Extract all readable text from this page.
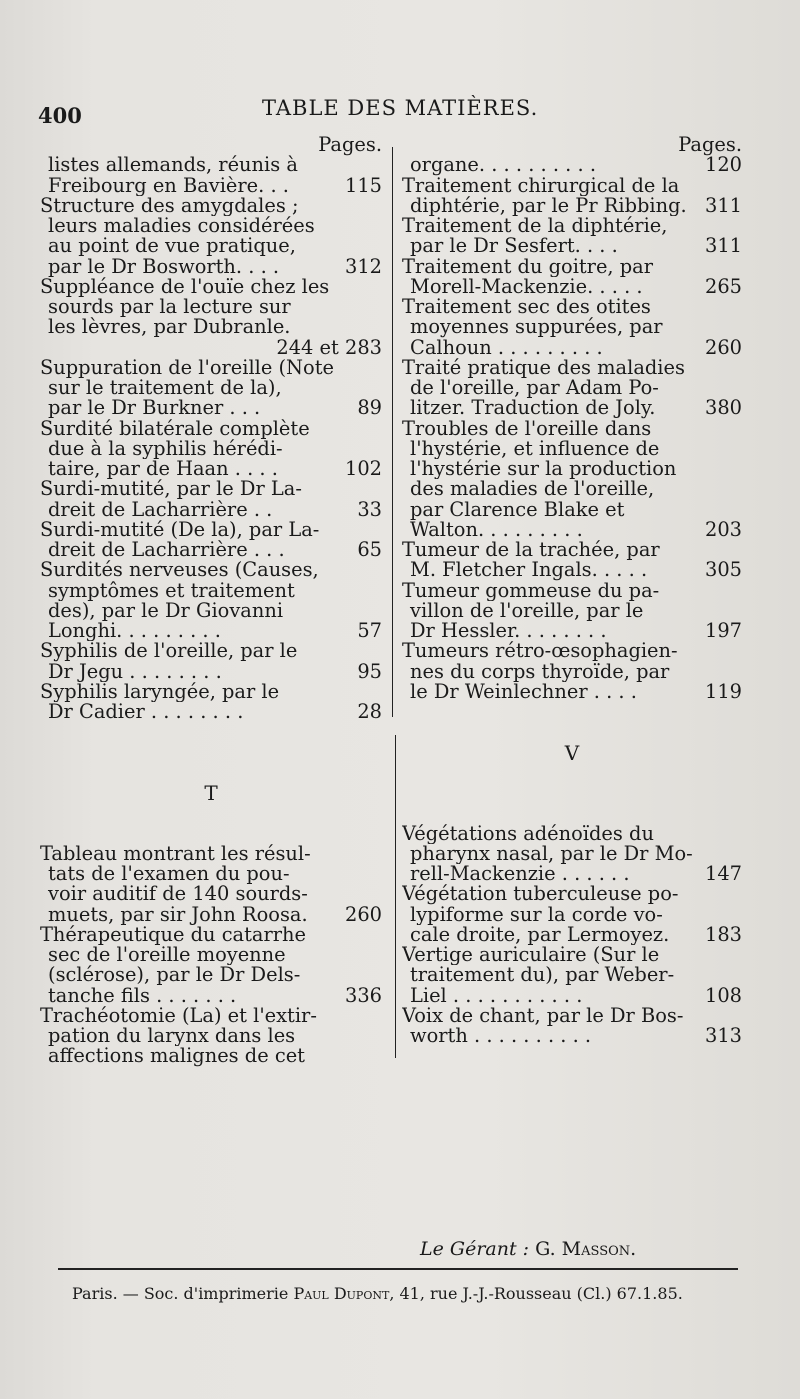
400	TABLE DES MATIÈRES.
Pages.
listes allemands, réunis à
115
Freibourg en Bavière. . .
Structure des amygdales ;
leurs maladies considérées
au point de vue pratique,
312
par le Dr Bosworth. . . .
Suppléance de l'ouïe chez les
sourds par la lecture sur
les lèvres, par Dubranle.
244 et 283
Suppuration de l'oreille (Note
sur le traitement de la),
89
par le Dr Burkner . . .
Surdité bilatérale complète
due à la syphilis hérédi-
102
taire, par de Haan . . . .
Surdi-mutité, par le Dr La-
33
dreit de Lacharrière . .
Surdi-mutité (De la), par La-
65
dreit de Lacharrière . . .
Surdités nerveuses (Causes,
symptômes et traitement
des), par le Dr Giovanni
57
Longhi. . . . . . . . .
Syphilis de l'oreille, par le
95
Dr Jegu . . . . . . . .
Syphilis laryngée, par le
28
Dr Cadier . . . . . . . .
T
Tableau montrant les résul-
tats de l'examen du pou-
voir auditif de 140 sourds-
260
muets, par sir John Roosa.
Thérapeutique du catarrhe
sec de l'oreille moyenne
(sclérose), par le Dr Dels-
336
tanche fils . . . . . . .
Trachéotomie (La) et l'extir-
pation du larynx dans les
affections malignes de cet
Pages.
120
organe. . . . . . . . . .
Traitement chirurgical de la
311
diphtérie, par le Pr Ribbing.
Traitement de la diphtérie,
311
par le Dr Sesfert. . . .
Traitement du goitre, par
265
Morell-Mackenzie. . . . .
Traitement sec des otites
moyennes suppurées, par
260
Calhoun . . . . . . . . .
Traité pratique des maladies
de l'oreille, par Adam Po-
380
litzer. Traduction de Joly.
Troubles de l'oreille dans
l'hystérie, et influence de
l'hystérie sur la production
des maladies de l'oreille,
par Clarence Blake et
203
Walton. . . . . . . . .
Tumeur de la trachée, par
305
M. Fletcher Ingals. . . . .
Tumeur gommeuse du pa-
villon de l'oreille, par le
197
Dr Hessler. . . . . . . .
Tumeurs rétro-œsophagien-
nes du corps thyroïde, par
119
le Dr Weinlechner . . . .
V
Végétations adénoïdes du
pharynx nasal, par le Dr Mo-
147
rell-Mackenzie . . . . . .
Végétation tuberculeuse po-
lypiforme sur la corde vo-
183
cale droite, par Lermoyez.
Vertige auriculaire (Sur le
traitement du), par Weber-
108
Liel . . . . . . . . . . .
Voix de chant, par le Dr Bos-
313
worth . . . . . . . . . .
Le Gérant : G. Masson.
Paris. — Soc. d'imprimerie Paul Dupont, 41, rue J.-J.-Rousseau (Cl.) 67.1.85.
